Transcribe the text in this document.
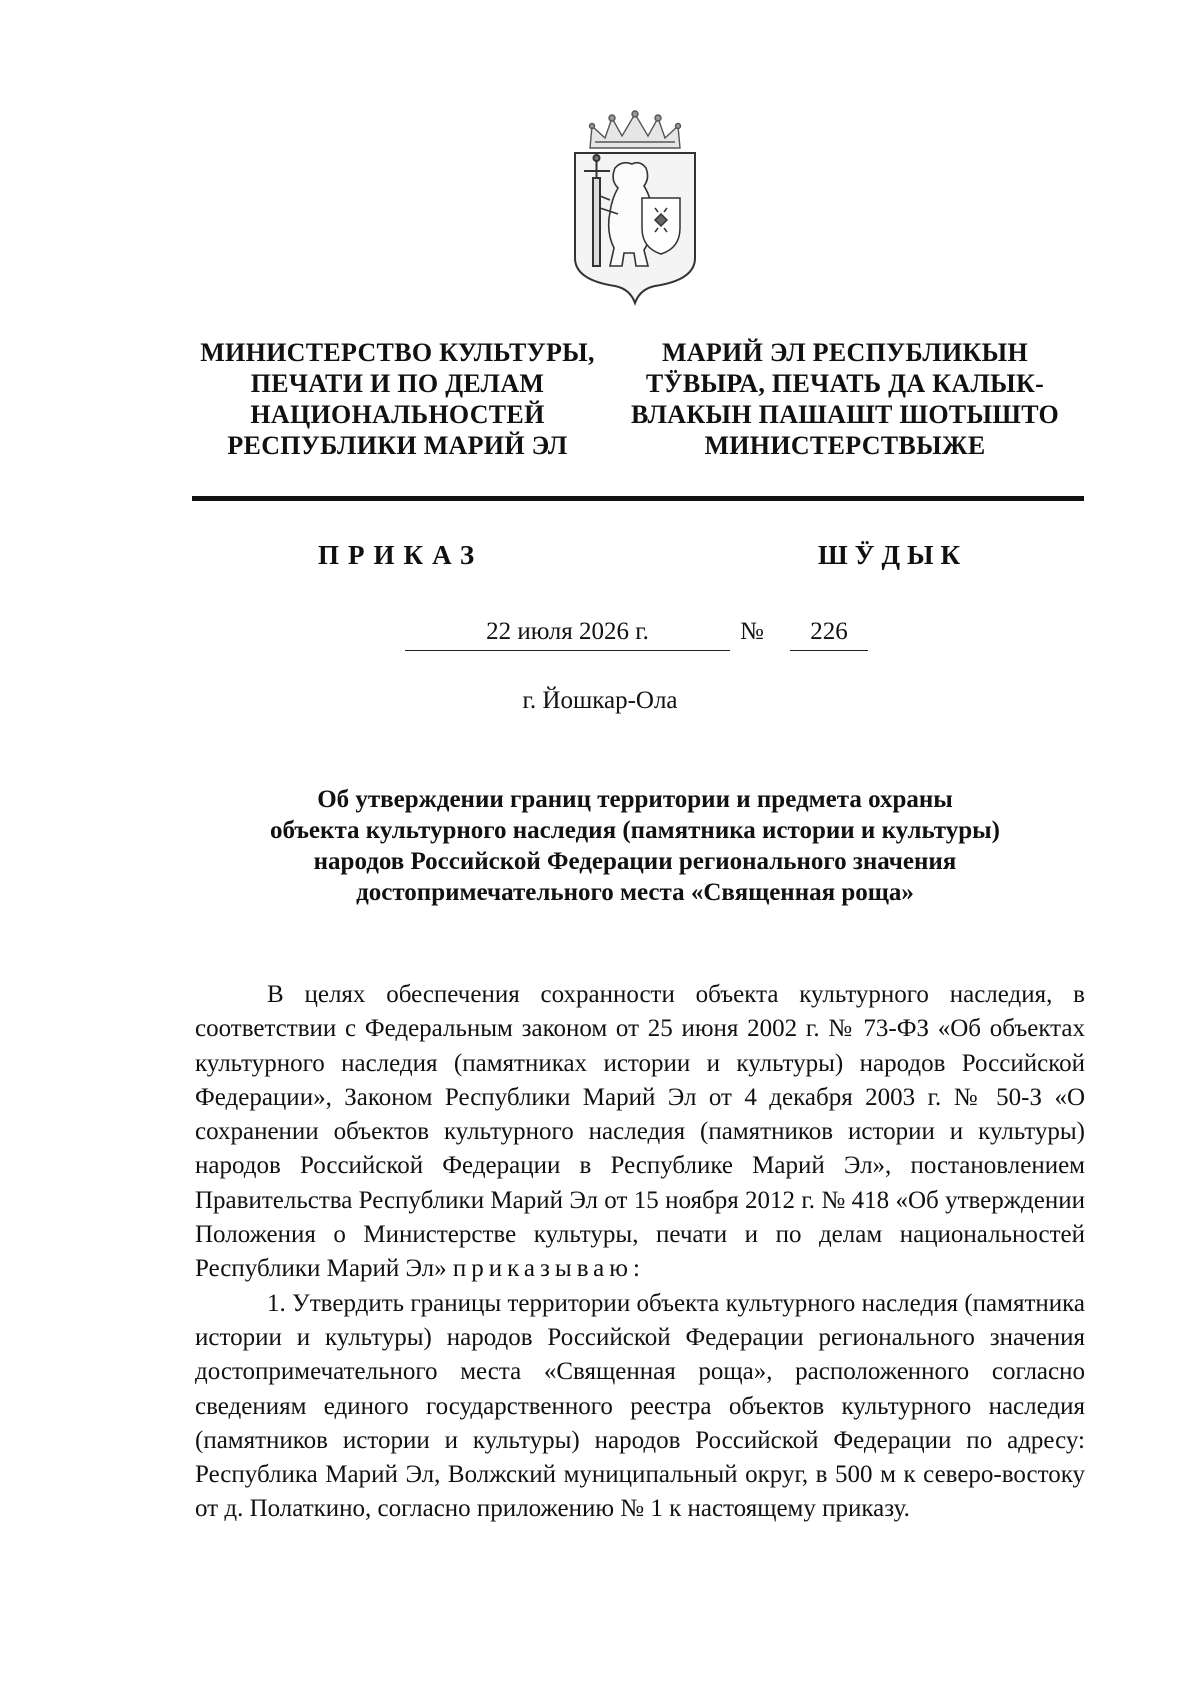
МИНИСТЕРСТВО КУЛЬТУРЫ,
ПЕЧАТИ И ПО ДЕЛАМ
НАЦИОНАЛЬНОСТЕЙ
РЕСПУБЛИКИ МАРИЙ ЭЛ
МАРИЙ ЭЛ РЕСПУБЛИКЫН
ТӰВЫРА, ПЕЧАТЬ ДА КАЛЫК-
ВЛАКЫН ПАШАШТ ШОТЫШТО
МИНИСТЕРСТВЫЖЕ
ПРИКАЗ	ШӰДЫК
22 июля 2026 г.	№	226
г. Йошкар-Ола
Об утверждении границ территории и предмета охраны
объекта культурного наследия (памятника истории и культуры)
народов Российской Федерации регионального значения
достопримечательного места «Священная роща»

В целях обеспечения сохранности объекта культурного наследия, в соответствии с Федеральным законом от 25 июня 2002 г. № 73-ФЗ «Об объектах культурного наследия (памятниках истории и культуры) народов Российской Федерации», Законом Республики Марий Эл от 4 декабря 2003 г. № 50-З «О сохранении объектов культурного наследия (памятников истории и культуры) народов Российской Федерации в Республике Марий Эл», постановлением Правительства Республики Марий Эл от 15 ноября 2012 г. № 418 «Об утверждении Положения о Министерстве культуры, печати и по делам национальностей Республики Марий Эл» приказываю:

1. Утвердить границы территории объекта культурного наследия (памятника истории и культуры) народов Российской Федерации регионального значения достопримечательного места «Священная роща», расположенного согласно сведениям единого государственного реестра объектов культурного наследия (памятников истории и культуры) народов Российской Федерации по адресу: Республика Марий Эл, Волжский муниципальный округ, в 500 м к северо-востоку от д. Полаткино, согласно приложению № 1 к настоящему приказу.
